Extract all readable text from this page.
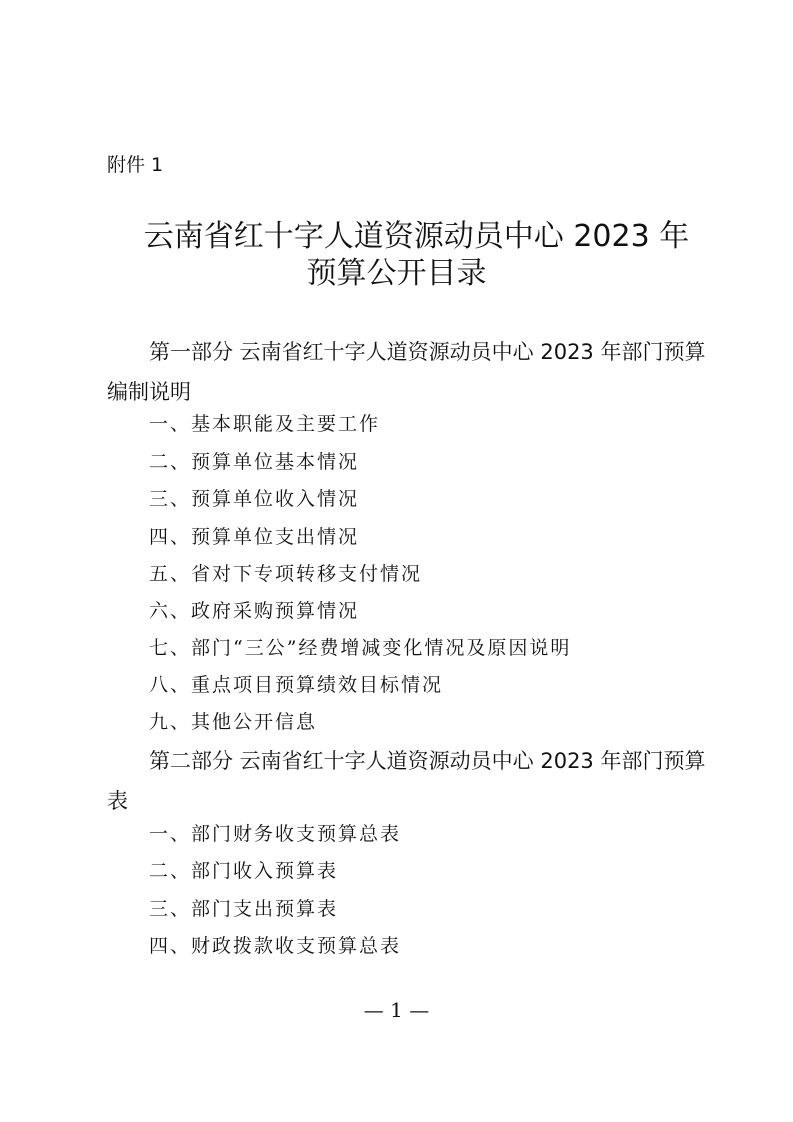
附件 1
云南省红十字人道资源动员中心 2023 年
预算公开目录
第一部分 云南省红十字人道资源动员中心 2023 年部门预算编制说明
一、基本职能及主要工作
二、预算单位基本情况
三、预算单位收入情况
四、预算单位支出情况
五、省对下专项转移支付情况
六、政府采购预算情况
七、部门“三公”经费增减变化情况及原因说明
八、重点项目预算绩效目标情况
九、其他公开信息
第二部分 云南省红十字人道资源动员中心 2023 年部门预算表
一、部门财务收支预算总表
二、部门收入预算表
三、部门支出预算表
四、财政拨款收支预算总表
— 1 —
